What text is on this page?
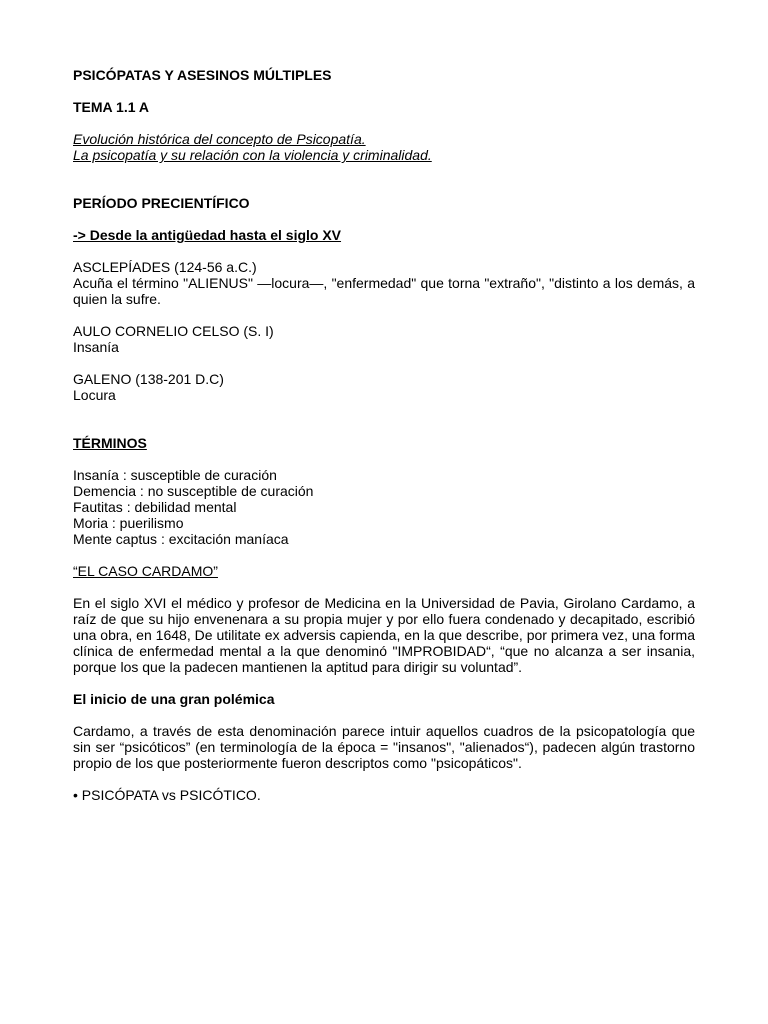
PSICÓPATAS Y ASESINOS MÚLTIPLES
TEMA 1.1 A
Evolución histórica del concepto de Psicopatía.
La psicopatía y su relación con la violencia y criminalidad.
PERÍODO PRECIENTÍFICO
-> Desde la antigüedad hasta el siglo XV
ASCLEPÍADES (124-56 a.C.)
Acuña el término "ALIENUS" —locura—, "enfermedad" que torna "extraño", "distinto a los demás, a quien la sufre.
AULO CORNELIO CELSO (S. I)
Insanía
GALENO (138-201 D.C)
Locura
TÉRMINOS
Insanía : susceptible de curación
Demencia : no susceptible de curación
Fautitas : debilidad mental
Moria : puerilismo
Mente captus : excitación maníaca
“EL CASO CARDAMO”
En el siglo XVI el médico y profesor de Medicina en la Universidad de Pavia, Girolano Cardamo, a raíz de que su hijo envenenara a su propia mujer y por ello fuera condenado y decapitado, escribió una obra, en 1648, De utilitate ex adversis capienda, en la que describe, por primera vez, una forma clínica de enfermedad mental a la que denominó "IMPROBIDAD“, “que no alcanza a ser insania, porque los que la padecen mantienen la aptitud para dirigir su voluntad”.
El inicio de una gran polémica
Cardamo, a través de esta denominación parece intuir aquellos cuadros de la psicopatología que sin ser “psicóticos” (en terminología de la época = "insanos", "alienados“), padecen algún trastorno propio de los que posteriormente fueron descriptos como "psicopáticos".
• PSICÓPATA vs PSICÓTICO.
